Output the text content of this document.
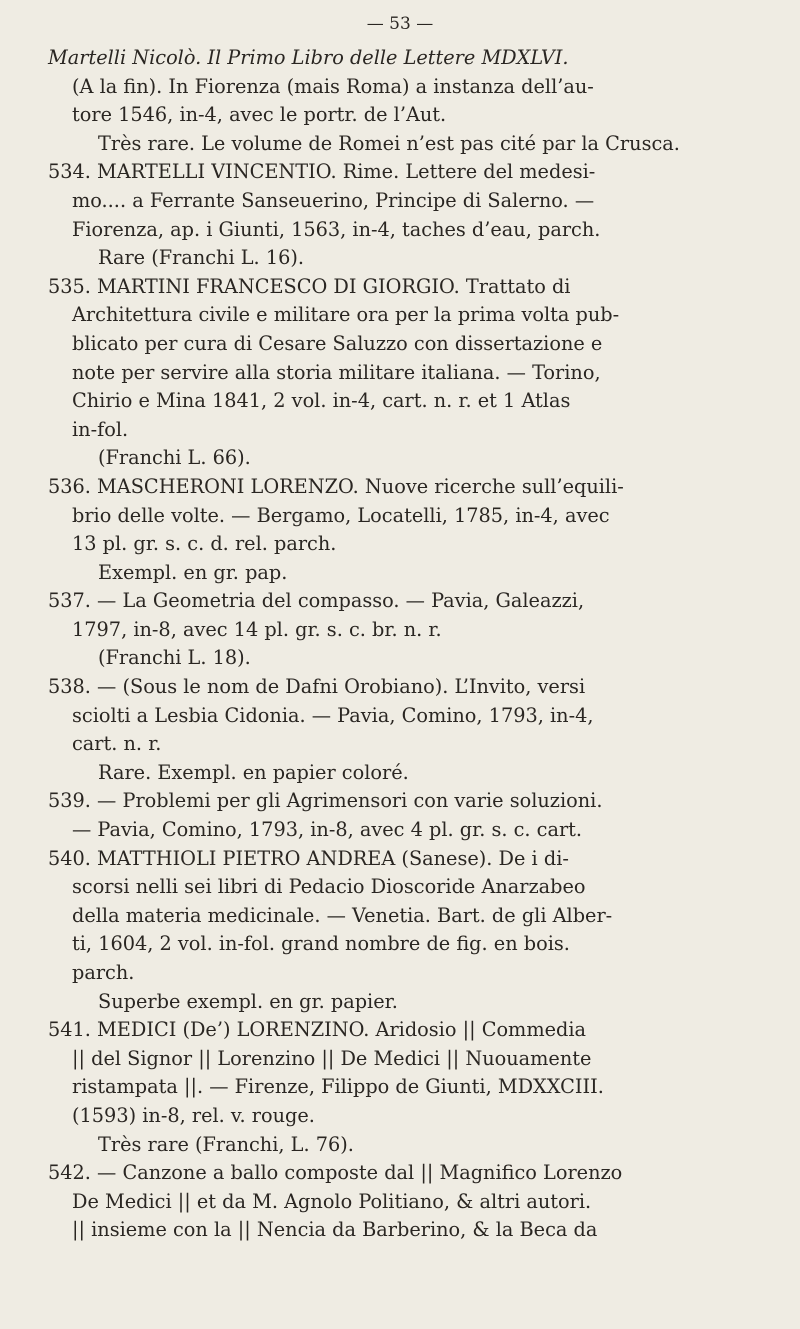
— 53 —

Martelli Nicolò. Il Primo Libro delle Lettere MDXLVI.

(A la fin). In Fiorenza (mais Roma) a instanza dell’au-

tore 1546, in-4, avec le portr. de l’Aut.

Très rare. Le volume de Romei n’est pas cité par la Crusca.

534. MARTELLI VINCENTIO. Rime. Lettere del medesi-

mo.... a Ferrante Sanseuerino, Principe di Salerno. —

Fiorenza, ap. i Giunti, 1563, in-4, taches d’eau, parch.

Rare (Franchi L. 16).

535. MARTINI FRANCESCO DI GIORGIO. Trattato di

Architettura civile e militare ora per la prima volta pub-

blicato per cura di Cesare Saluzzo con dissertazione e

note per servire alla storia militare italiana. — Torino,

Chirio e Mina 1841, 2 vol. in-4, cart. n. r. et 1 Atlas

in-fol.

(Franchi L. 66).

536. MASCHERONI LORENZO. Nuove ricerche sull’equili-

brio delle volte. — Bergamo, Locatelli, 1785, in-4, avec

13 pl. gr. s. c. d. rel. parch.

Exempl. en gr. pap.

537. — La Geometria del compasso. — Pavia, Galeazzi,

1797, in-8, avec 14 pl. gr. s. c. br. n. r.

(Franchi L. 18).

538. — (Sous le nom de Dafni Orobiano). L’Invito, versi

sciolti a Lesbia Cidonia. — Pavia, Comino, 1793, in-4,

cart. n. r.

Rare. Exempl. en papier coloré.

539. — Problemi per gli Agrimensori con varie soluzioni.

— Pavia, Comino, 1793, in-8, avec 4 pl. gr. s. c. cart.

540. MATTHIOLI PIETRO ANDREA (Sanese). De i di-

scorsi nelli sei libri di Pedacio Dioscoride Anarzabeo

della materia medicinale. — Venetia. Bart. de gli Alber-

ti, 1604, 2 vol. in-fol. grand nombre de fig. en bois.

parch.

Superbe exempl. en gr. papier.

541. MEDICI (De’) LORENZINO. Aridosio || Commedia

|| del Signor || Lorenzino || De Medici || Nuouamente

ristampata ||. — Firenze, Filippo de Giunti, MDXXCIII.

(1593) in-8, rel. v. rouge.

Très rare (Franchi, L. 76).

542. — Canzone a ballo composte dal || Magnifico Lorenzo

De Medici || et da M. Agnolo Politiano, & altri autori.

|| insieme con la || Nencia da Barberino, & la Beca da
